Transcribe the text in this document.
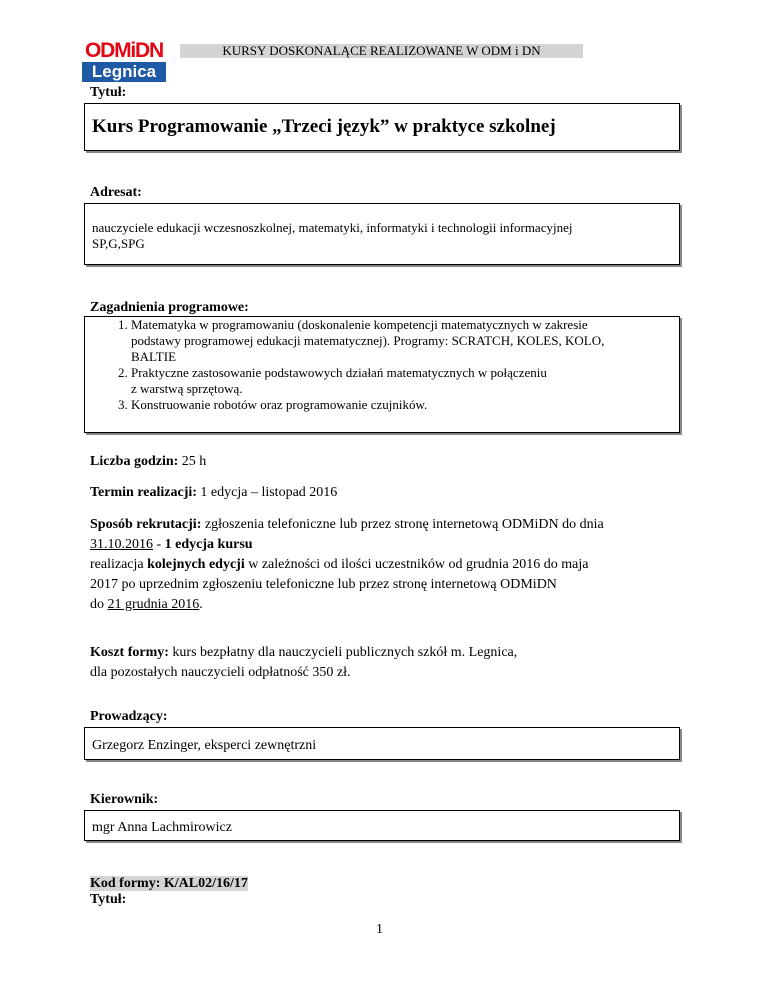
ODMiDN
Legnica
KURSY DOSKONALĄCE REALIZOWANE W ODM i DN
Tytuł:
Kurs Programowanie „Trzeci język” w praktyce szkolnej
Adresat:
nauczyciele edukacji wczesnoszkolnej, matematyki, informatyki i technologii informacyjnej
SP,G,SPG
Zagadnienia programowe:
1. Matematyka w programowaniu (doskonalenie kompetencji matematycznych w zakresie
podstawy programowej edukacji matematycznej). Programy: SCRATCH, KOLES, KOLO,
BALTIE
2. Praktyczne zastosowanie podstawowych działań matematycznych w połączeniu
z warstwą sprzętową.
3. Konstruowanie robotów oraz programowanie czujników.
Liczba godzin: 25 h
Termin realizacji: 1 edycja – listopad 2016
Sposób rekrutacji: zgłoszenia telefoniczne lub przez stronę internetową ODMiDN do dnia
31.10.2016 - 1 edycja kursu
realizacja kolejnych edycji w zależności od ilości uczestników od grudnia 2016 do maja
2017 po uprzednim zgłoszeniu telefoniczne lub przez stronę internetową ODMiDN
do 21 grudnia 2016.
Koszt formy: kurs bezpłatny dla nauczycieli publicznych szkół m. Legnica,
dla pozostałych nauczycieli odpłatność 350 zł.
Prowadzący:
Grzegorz Enzinger, eksperci zewnętrzni
Kierownik:
mgr Anna Lachmirowicz
Kod formy: K/AL02/16/17
Tytuł:
1
